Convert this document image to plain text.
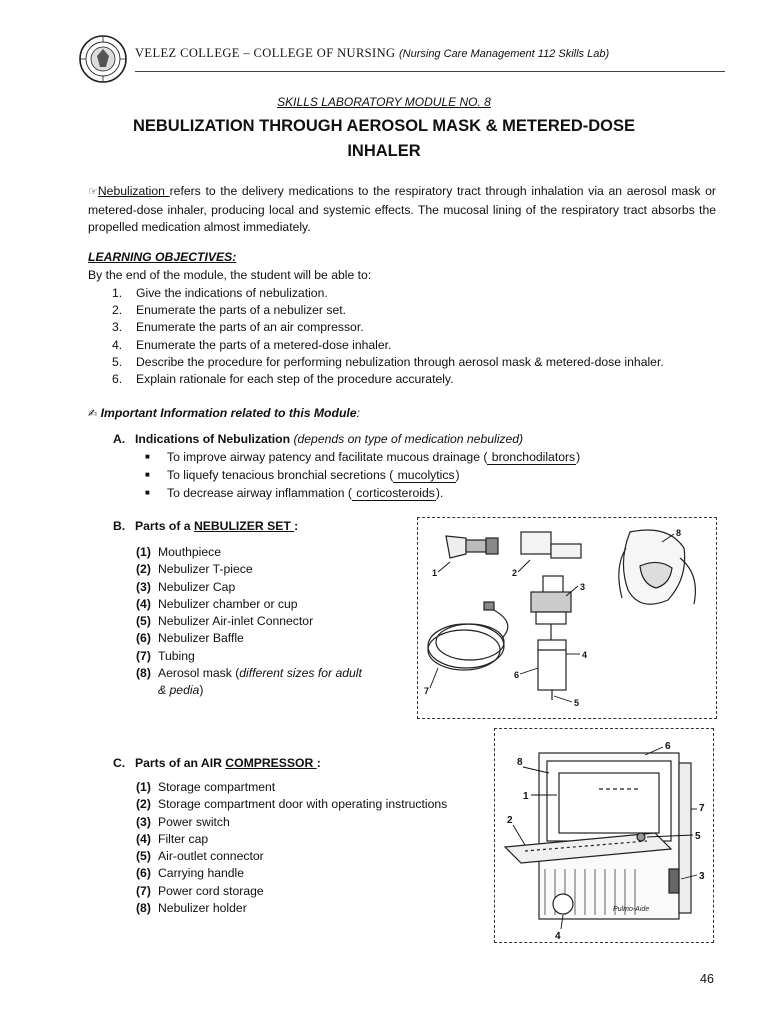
VELEZ COLLEGE – COLLEGE OF NURSING (Nursing Care Management 112 Skills Lab)
SKILLS LABORATORY MODULE NO. 8
NEBULIZATION THROUGH AEROSOL MASK & METERED-DOSE INHALER
☞Nebulization refers to the delivery medications to the respiratory tract through inhalation via an aerosol mask or metered-dose inhaler, producing local and systemic effects. The mucosal lining of the respiratory tract absorbs the propelled medication almost immediately.
LEARNING OBJECTIVES:
By the end of the module, the student will be able to:
1. Give the indications of nebulization.
2. Enumerate the parts of a nebulizer set.
3. Enumerate the parts of an air compressor.
4. Enumerate the parts of a metered-dose inhaler.
5. Describe the procedure for performing nebulization through aerosol mask & metered-dose inhaler.
6. Explain rationale for each step of the procedure accurately.
✍ Important Information related to this Module:
A. Indications of Nebulization (depends on type of medication nebulized)
■ To improve airway patency and facilitate mucous drainage ( bronchodilators)
■ To liquefy tenacious bronchial secretions ( mucolytics)
■ To decrease airway inflammation ( corticosteroids).
B. Parts of a NEBULIZER SET :
(1) Mouthpiece
(2) Nebulizer T-piece
(3) Nebulizer Cap
(4) Nebulizer chamber or cup
(5) Nebulizer Air-inlet Connector
(6) Nebulizer Baffle
(7) Tubing
(8) Aerosol mask (different sizes for adult
& pedia)
1	2
3
4
5
6
7
8
C. Parts of an AIR COMPRESSOR :
(1) Storage compartment
(2) Storage compartment door with operating instructions
(3) Power switch
(4) Filter cap
(5) Air-outlet connector
(6) Carrying handle
(7) Power cord storage
(8) Nebulizer holder	Pulmo-Aide
1
2
3
4
5
6
7
8
46
